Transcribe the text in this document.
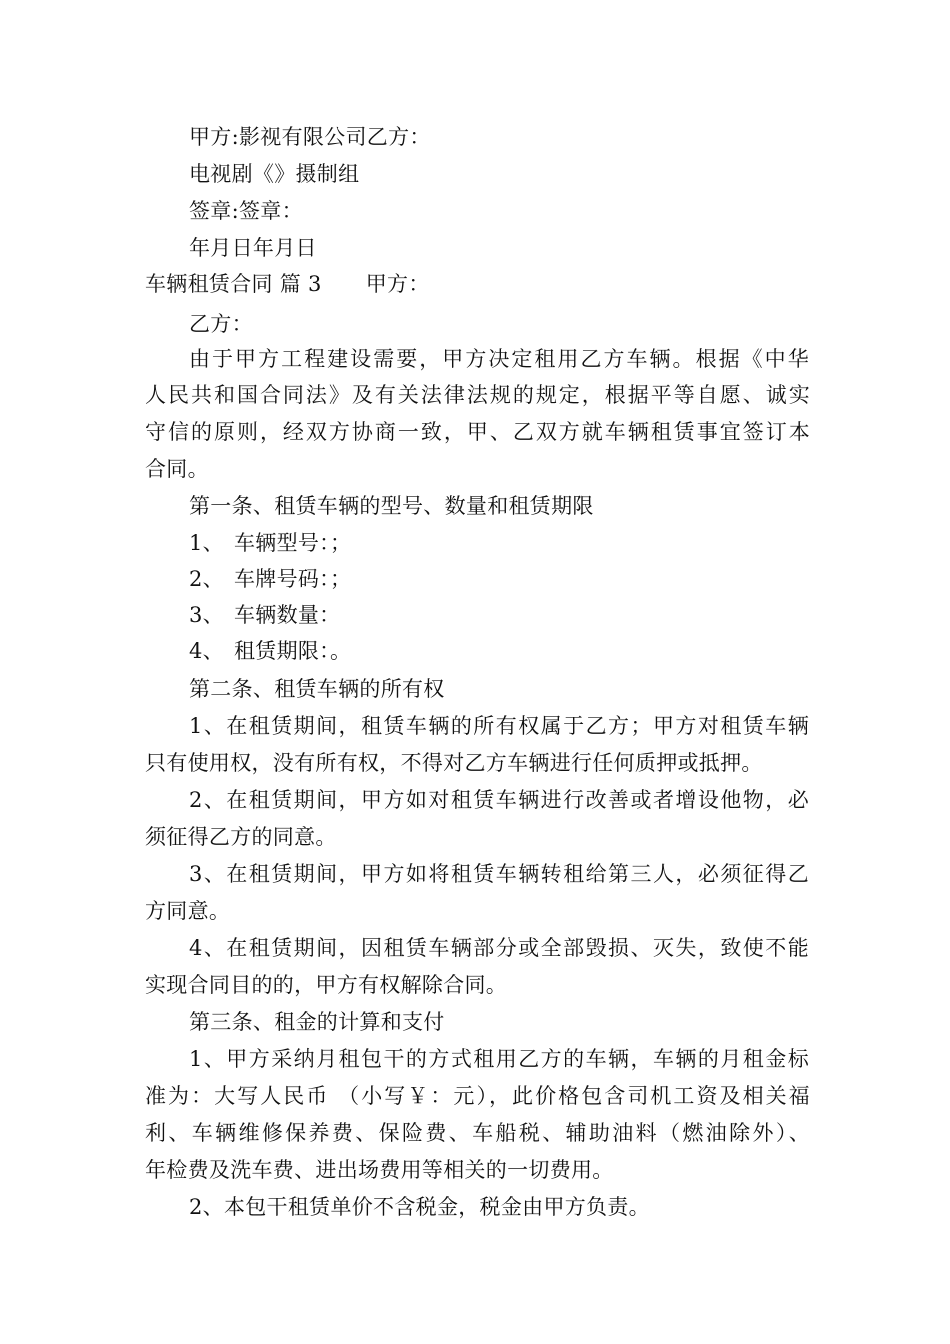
甲方:影视有限公司乙方：
电视剧《》摄制组
签章:签章：
年月日年月日
车辆租赁合同 篇 3 甲方：
乙方：
由于甲方工程建设需要，甲方决定租用乙方车辆。根据《中华
人民共和国合同法》及有关法律法规的规定，根据平等自愿、诚实
守信的原则，经双方协商一致，甲、乙双方就车辆租赁事宜签订本
合同。
第一条、租赁车辆的型号、数量和租赁期限
1、 车辆型号：；
2、 车牌号码：；
3、 车辆数量：
4、 租赁期限：。
第二条、租赁车辆的所有权
1、在租赁期间，租赁车辆的所有权属于乙方；甲方对租赁车辆
只有使用权，没有所有权，不得对乙方车辆进行任何质押或抵押。
2、在租赁期间，甲方如对租赁车辆进行改善或者增设他物，必
须征得乙方的同意。
3、在租赁期间，甲方如将租赁车辆转租给第三人，必须征得乙
方同意。
4、在租赁期间，因租赁车辆部分或全部毁损、灭失，致使不能
实现合同目的的，甲方有权解除合同。
第三条、租金的计算和支付
1、甲方采纳月租包干的方式租用乙方的车辆，车辆的月租金标
准为：大写人民币 （小写￥：元），此价格包含司机工资及相关福
利、车辆维修保养费、保险费、车船税、辅助油料（燃油除外）、
年检费及洗车费、进出场费用等相关的一切费用。
2、本包干租赁单价不含税金，税金由甲方负责。
